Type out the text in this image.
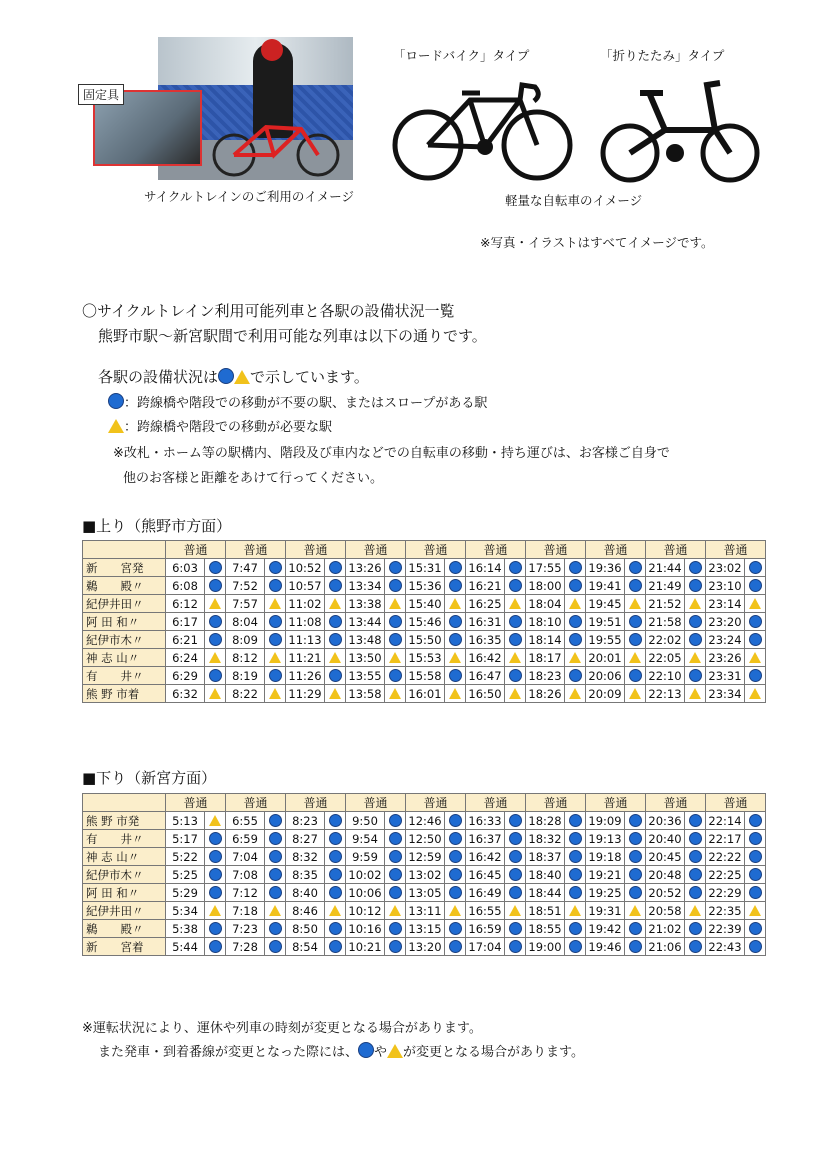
固定具
サイクルトレインのご利用のイメージ
「ロードバイク」タイプ	「折りたたみ」タイプ
軽量な自転車のイメージ
※写真・イラストはすべてイメージです。
〇サイクルトレイン利用可能列車と各駅の設備状況一覧
熊野市駅～新宮駅間で利用可能な列車は以下の通りです。
各駅の設備状況は で示しています。
：跨線橋や階段での移動が不要の駅、またはスロープがある駅
：跨線橋や階段での移動が必要な駅
※改札・ホーム等の駅構内、階段及び車内などでの自転車の移動・持ち運びは、お客様ご自身で
他のお客様と距離をあけて行ってください。
■上り（熊野市方面）
	普通		普通		普通		普通		普通		普通		普通		普通		普通		普通	
新　　宮発	6:03		7:47		10:52		13:26		15:31		16:14		17:55		19:36		21:44		23:02	
鵜　　殿〃	6:08		7:52		10:57		13:34		15:36		16:21		18:00		19:41		21:49		23:10	
紀伊井田〃	6:12		7:57		11:02		13:38		15:40		16:25		18:04		19:45		21:52		23:14	
阿 田 和〃	6:17		8:04		11:08		13:44		15:46		16:31		18:10		19:51		21:58		23:20	
紀伊市木〃	6:21		8:09		11:13		13:48		15:50		16:35		18:14		19:55		22:02		23:24	
神 志 山〃	6:24		8:12		11:21		13:50		15:53		16:42		18:17		20:01		22:05		23:26	
有　　井〃	6:29		8:19		11:26		13:55		15:58		16:47		18:23		20:06		22:10		23:31	
熊 野 市着	6:32		8:22		11:29		13:58		16:01		16:50		18:26		20:09		22:13		23:34	
■下り（新宮方面）
	普通		普通		普通		普通		普通		普通		普通		普通		普通		普通	
熊 野 市発	5:13		6:55		8:23		9:50		12:46		16:33		18:28		19:09		20:36		22:14	
有　　井〃	5:17		6:59		8:27		9:54		12:50		16:37		18:32		19:13		20:40		22:17	
神 志 山〃	5:22		7:04		8:32		9:59		12:59		16:42		18:37		19:18		20:45		22:22	
紀伊市木〃	5:25		7:08		8:35		10:02		13:02		16:45		18:40		19:21		20:48		22:25	
阿 田 和〃	5:29		7:12		8:40		10:06		13:05		16:49		18:44		19:25		20:52		22:29	
紀伊井田〃	5:34		7:18		8:46		10:12		13:11		16:55		18:51		19:31		20:58		22:35	
鵜　　殿〃	5:38		7:23		8:50		10:16		13:15		16:59		18:55		19:42		21:02		22:39	
新　　宮着	5:44		7:28		8:54		10:21		13:20		17:04		19:00		19:46		21:06		22:43	
※運転状況により、運休や列車の時刻が変更となる場合があります。
また発車・到着番線が変更となった際には、 や が変更となる場合があります。
